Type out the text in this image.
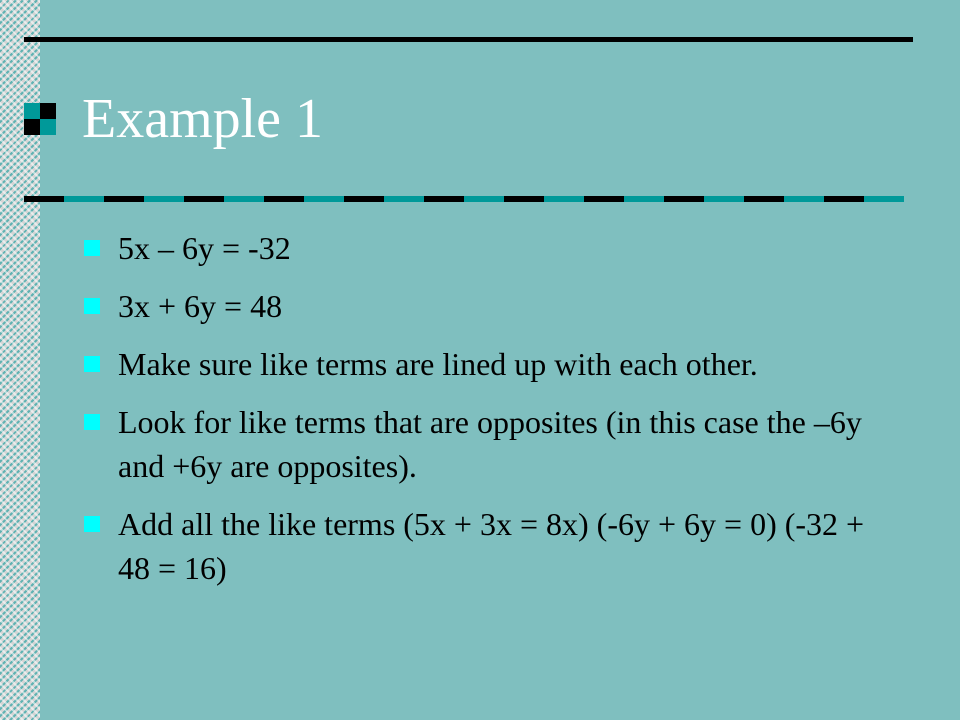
Example 1
5x – 6y = -32
3x + 6y = 48
Make sure like terms are lined up with each other.
Look for like terms that are opposites (in this case the –6y and +6y are opposites).
Add all the like terms (5x + 3x = 8x) (-6y + 6y = 0) (-32 + 48 = 16)
